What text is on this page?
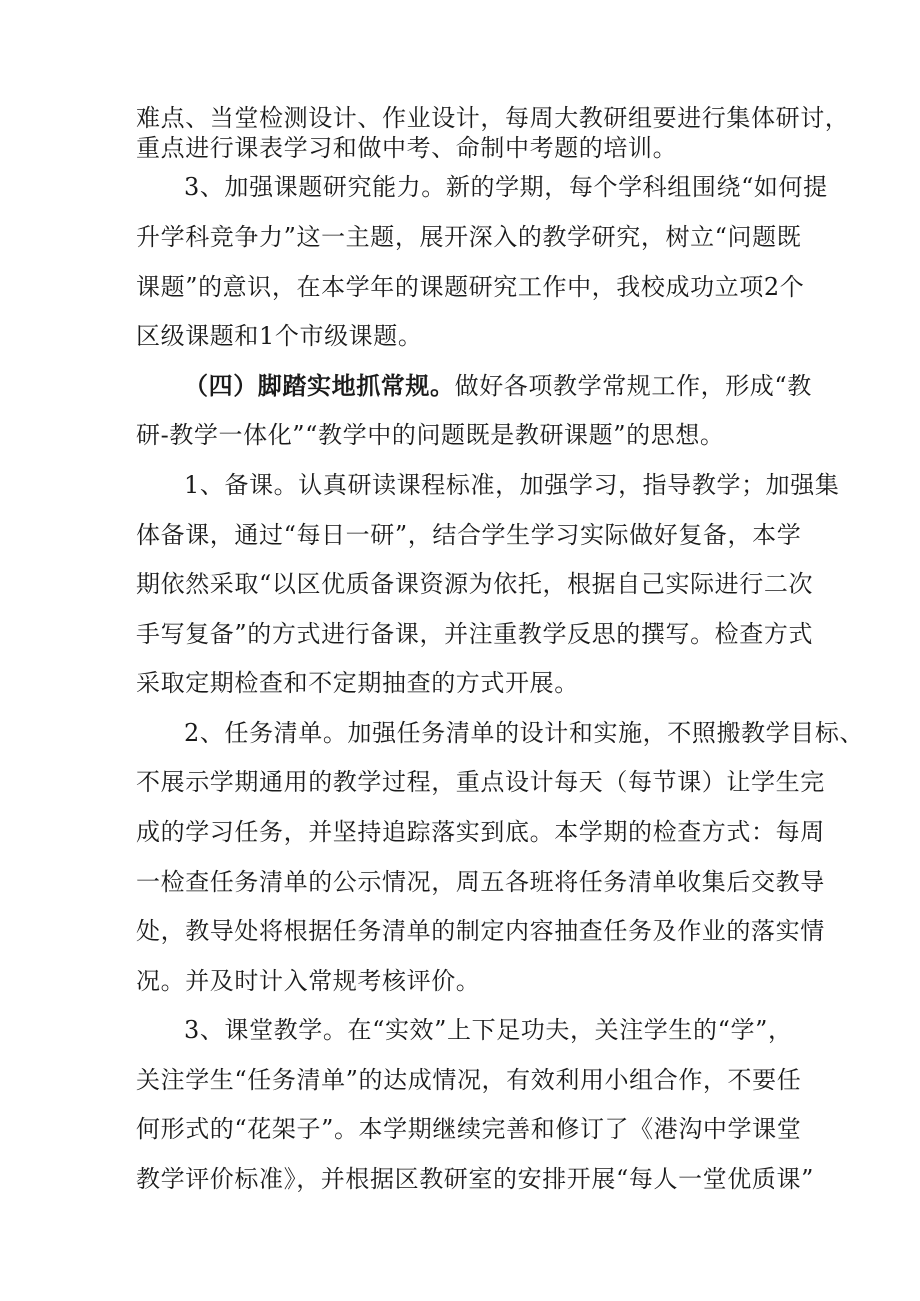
难点、当堂检测设计、作业设计，每周大教研组要进行集体研讨，
重点进行课表学习和做中考、命制中考题的培训。
3、加强课题研究能力。新的学期，每个学科组围绕“如何提
升学科竞争力”这一主题，展开深入的教学研究，树立“问题既
课题”的意识，在本学年的课题研究工作中，我校成功立项2个
区级课题和1个市级课题。
（四）脚踏实地抓常规。做好各项教学常规工作，形成“教
研-教学一体化”“教学中的问题既是教研课题”的思想。
1、备课。认真研读课程标准，加强学习，指导教学；加强集
体备课，通过“每日一研”，结合学生学习实际做好复备，本学
期依然采取“以区优质备课资源为依托，根据自己实际进行二次
手写复备”的方式进行备课，并注重教学反思的撰写。检查方式
采取定期检查和不定期抽查的方式开展。
2、任务清单。加强任务清单的设计和实施，不照搬教学目标、
不展示学期通用的教学过程，重点设计每天（每节课）让学生完
成的学习任务，并坚持追踪落实到底。本学期的检查方式：每周
一检查任务清单的公示情况，周五各班将任务清单收集后交教导
处，教导处将根据任务清单的制定内容抽查任务及作业的落实情
况。并及时计入常规考核评价。
3、课堂教学。在“实效”上下足功夫，关注学生的“学”，
关注学生“任务清单”的达成情况，有效利用小组合作，不要任
何形式的“花架子”。本学期继续完善和修订了《港沟中学课堂
教学评价标准》，并根据区教研室的安排开展“每人一堂优质课”
